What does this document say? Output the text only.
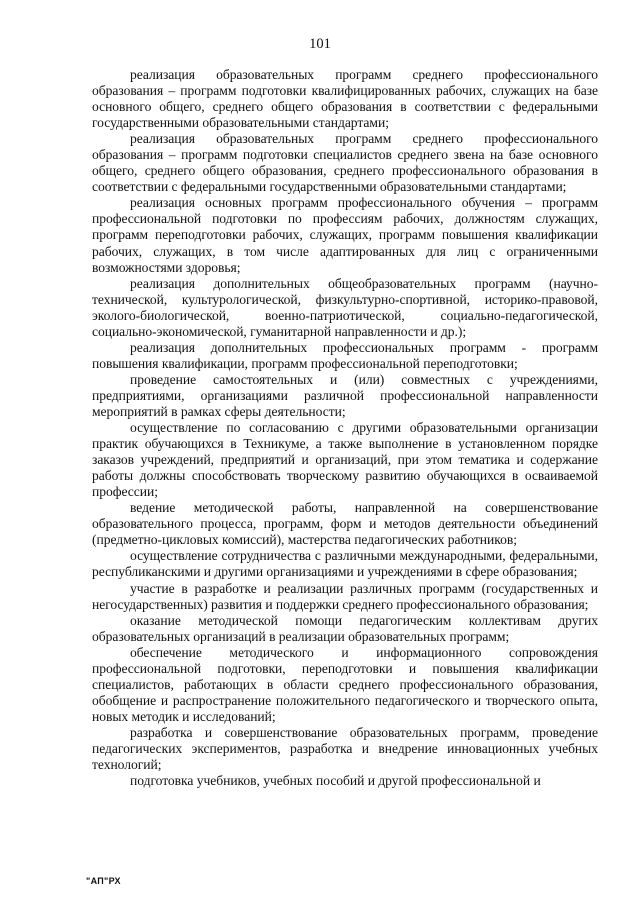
101

реализация образовательных программ среднего профессионального образования – программ подготовки квалифицированных рабочих, служащих на базе основного общего, среднего общего образования в соответствии с федеральными государственными образовательными стандартами;

реализация образовательных программ среднего профессионального образования – программ подготовки специалистов среднего звена на базе основного общего, среднего общего образования, среднего профессионального образования в соответствии с федеральными государственными образовательными стандартами;

реализация основных программ профессионального обучения – программ профессиональной подготовки по профессиям рабочих, должностям служащих, программ переподготовки рабочих, служащих, программ повышения квалификации рабочих, служащих, в том числе адаптированных для лиц с ограниченными возможностями здоровья;

реализация дополнительных общеобразовательных программ (научно-технической, культурологической, физкультурно-спортивной, историко-правовой, эколого-биологической, военно-патриотической, социально-педагогической, социально-экономической, гуманитарной направленности и др.);

реализация дополнительных профессиональных программ - программ повышения квалификации, программ профессиональной переподготовки;

проведение самостоятельных и (или) совместных с учреждениями, предприятиями, организациями различной профессиональной направленности мероприятий в рамках сферы деятельности;

осуществление по согласованию с другими образовательными организации практик обучающихся в Техникуме, а также выполнение в установленном порядке заказов учреждений, предприятий и организаций, при этом тематика и содержание работы должны способствовать творческому развитию обучающихся в осваиваемой профессии;

ведение методической работы, направленной на совершенствование образовательного процесса, программ, форм и методов деятельности объединений (предметно-цикловых комиссий), мастерства педагогических работников;

осуществление сотрудничества с различными международными, федеральными, республиканскими и другими организациями и учреждениями в сфере образования;

участие в разработке и реализации различных программ (государственных и негосударственных) развития и поддержки среднего профессионального образования;

оказание методической помощи педагогическим коллективам других образовательных организаций в реализации образовательных программ;

обеспечение методического и информационного сопровождения профессиональной подготовки, переподготовки и повышения квалификации специалистов, работающих в области среднего профессионального образования, обобщение и распространение положительного педагогического и творческого опыта, новых методик и исследований;

разработка и совершенствование образовательных программ, проведение педагогических экспериментов, разработка и внедрение инновационных учебных технологий;

подготовка учебников, учебных пособий и другой профессиональной и

"АП"РХ
